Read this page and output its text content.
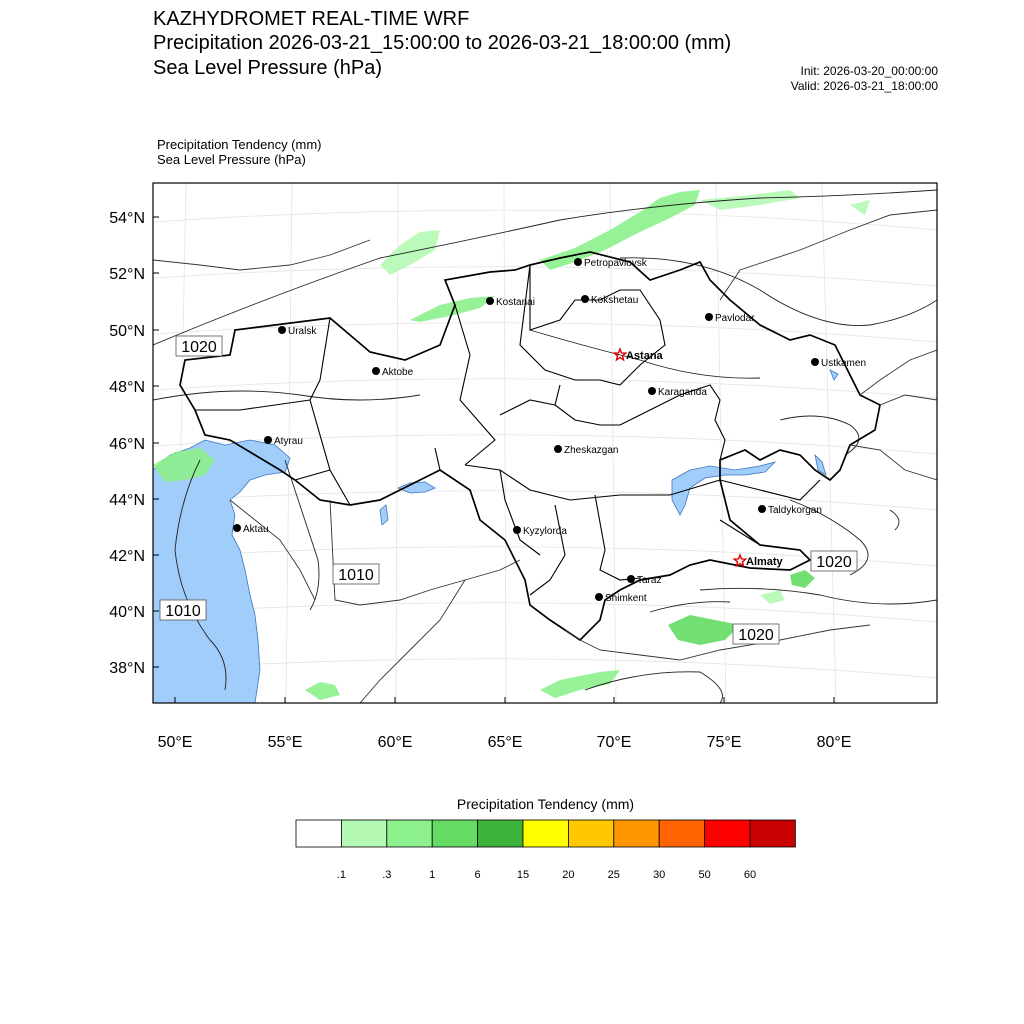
KAZHYDROMET REAL-TIME WRF
Precipitation 2026-03-21_15:00:00 to 2026-03-21_18:00:00 (mm)
Sea Level Pressure (hPa)	Init: 2026-03-20_00:00:00
Valid: 2026-03-21_18:00:00
Precipitation Tendency (mm)
Sea Level Pressure (hPa)
54°N
52°N
50°N
48°N
46°N
44°N
42°N
40°N
38°N
50°E	55°E	60°E	65°E	70°E	75°E	80°E
Petropavlovsk
Kostanai	Kokshetau
Pavlodar
Uralsk
Astana
Ustkamen
Aktobe
Karaganda
Atyrau
Zheskazgan
Aktau	Kyzylorda
Taldykorgan
Almaty
Taraz
Shimkent
1020
1010
1010
1020
1020
.1	.3	1	6	15	20	25	30	50	60
Precipitation Tendency (mm)
